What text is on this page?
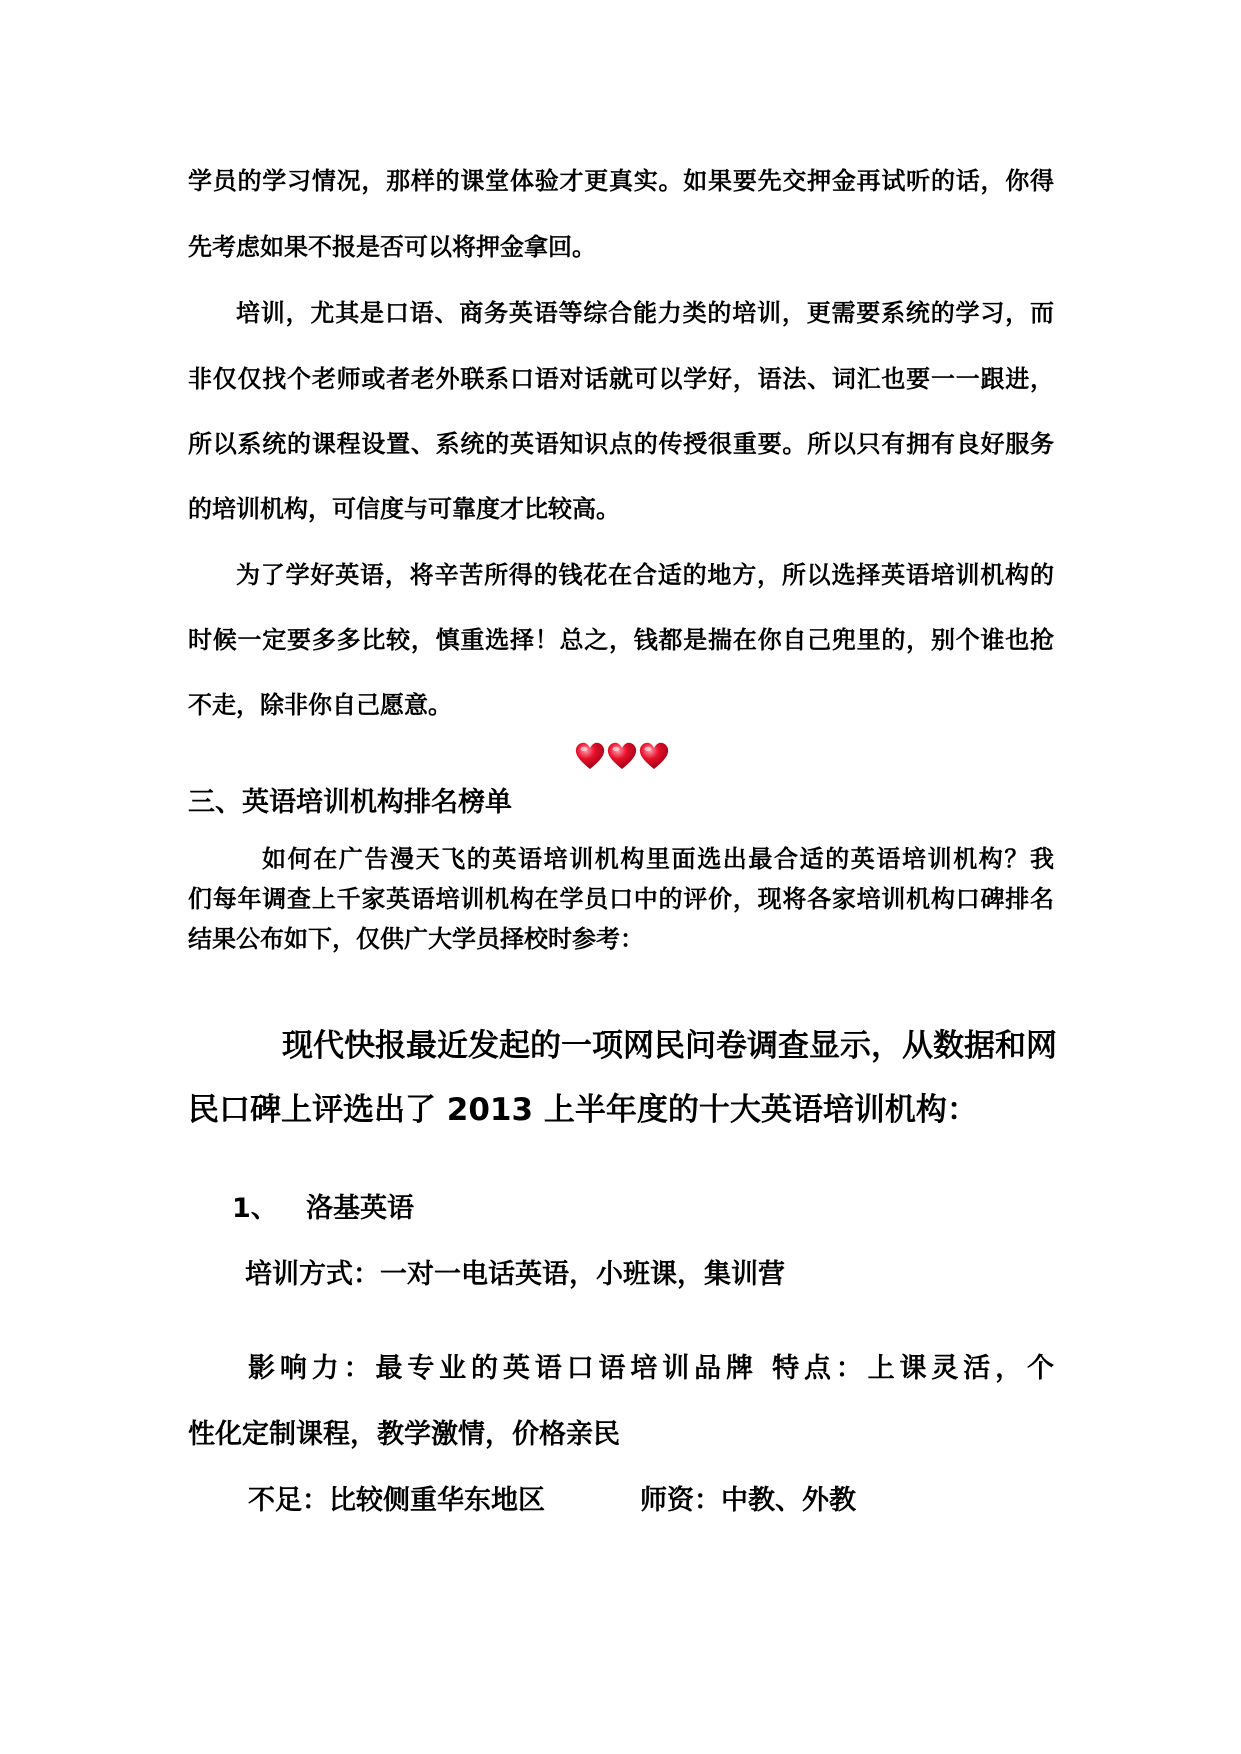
学员的学习情况，那样的课堂体验才更真实。如果要先交押金再试听的话，你得
先考虑如果不报是否可以将押金拿回。
培训，尤其是口语、商务英语等综合能力类的培训，更需要系统的学习，而
非仅仅找个老师或者老外联系口语对话就可以学好，语法、词汇也要一一跟进，
所以系统的课程设置、系统的英语知识点的传授很重要。所以只有拥有良好服务
的培训机构，可信度与可靠度才比较高。
为了学好英语，将辛苦所得的钱花在合适的地方，所以选择英语培训机构的
时候一定要多多比较，慎重选择！总之，钱都是揣在你自己兜里的，别个谁也抢
不走，除非你自己愿意。
三、英语培训机构排名榜单
如何在广告漫天飞的英语培训机构里面选出最合适的英语培训机构？我
们每年调查上千家英语培训机构在学员口中的评价，现将各家培训机构口碑排名
结果公布如下，仅供广大学员择校时参考：
现代快报最近发起的一项网民问卷调查显示，从数据和网
民口碑上评选出了 2013 上半年度的十大英语培训机构：
1、 洛基英语
培训方式：一对一电话英语，小班课，集训营
影响力：最专业的英语口语培训品牌 特点：上课灵活，个
性化定制课程，教学激情，价格亲民
不足：比较侧重华东地区	师资：中教、外教
